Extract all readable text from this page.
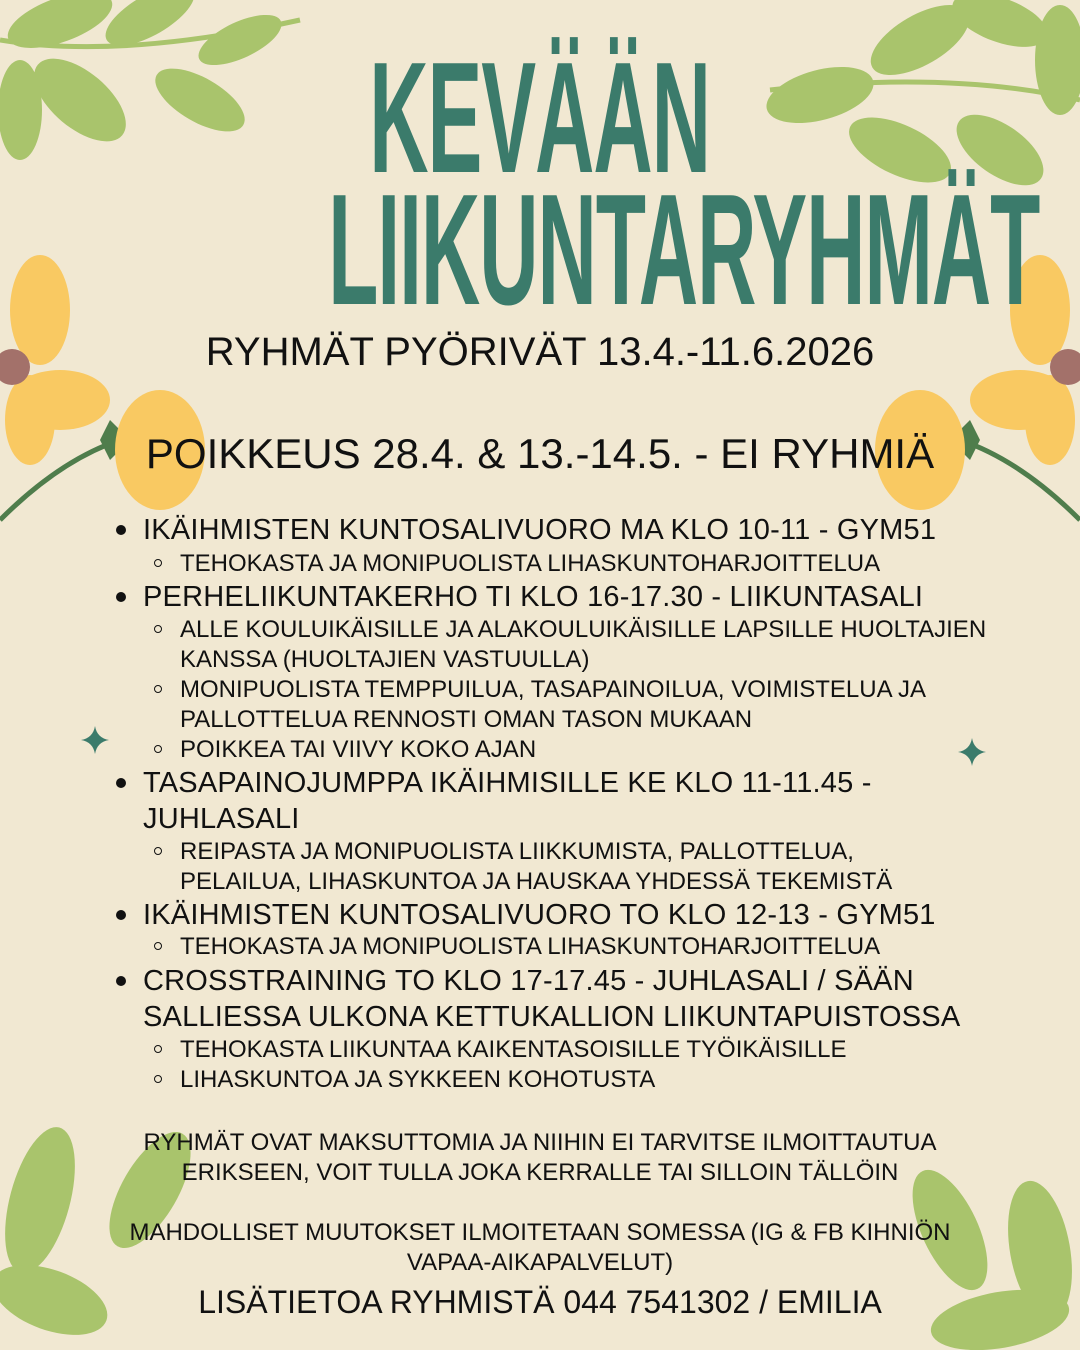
KEVÄÄN
LIIKUNTARYHMÄT
RYHMÄT PYÖRIVÄT 13.4.-11.6.2026
POIKKEUS 28.4. & 13.-14.5. - EI RYHMIÄ
IKÄIHMISTEN KUNTOSALIVUORO MA KLO 10-11 - GYM51
TEHOKASTA JA MONIPUOLISTA LIHASKUNTOHARJOITTELUA
PERHELIIKUNTAKERHO TI KLO 16-17.30 - LIIKUNTASALI
ALLE KOULUIKÄISILLE JA ALAKOULUIKÄISILLE LAPSILLE HUOLTAJIEN
KANSSA (HUOLTAJIEN VASTUULLA)
MONIPUOLISTA TEMPPUILUA, TASAPAINOILUA, VOIMISTELUA JA
PALLOTTELUA RENNOSTI OMAN TASON MUKAAN
POIKKEA TAI VIIVY KOKO AJAN
TASAPAINOJUMPPA IKÄIHMISILLE KE KLO 11-11.45 -
JUHLASALI
REIPASTA JA MONIPUOLISTA LIIKKUMISTA, PALLOTTELUA,
PELAILUA, LIHASKUNTOA JA HAUSKAA YHDESSÄ TEKEMISTÄ
IKÄIHMISTEN KUNTOSALIVUORO TO KLO 12-13 - GYM51
TEHOKASTA JA MONIPUOLISTA LIHASKUNTOHARJOITTELUA
CROSSTRAINING TO KLO 17-17.45 - JUHLASALI / SÄÄN
SALLIESSA ULKONA KETTUKALLION LIIKUNTAPUISTOSSA
TEHOKASTA LIIKUNTAA KAIKENTASOISILLE TYÖIKÄISILLE
LIHASKUNTOA JA SYKKEEN KOHOTUSTA
RYHMÄT OVAT MAKSUTTOMIA JA NIIHIN EI TARVITSE ILMOITTAUTUA
ERIKSEEN, VOIT TULLA JOKA KERRALLE TAI SILLOIN TÄLLÖIN
MAHDOLLISET MUUTOKSET ILMOITETAAN SOMESSA (IG & FB KIHNIÖN
VAPAA-AIKAPALVELUT)
LISÄTIETOA RYHMISTÄ 044 7541302 / EMILIA
